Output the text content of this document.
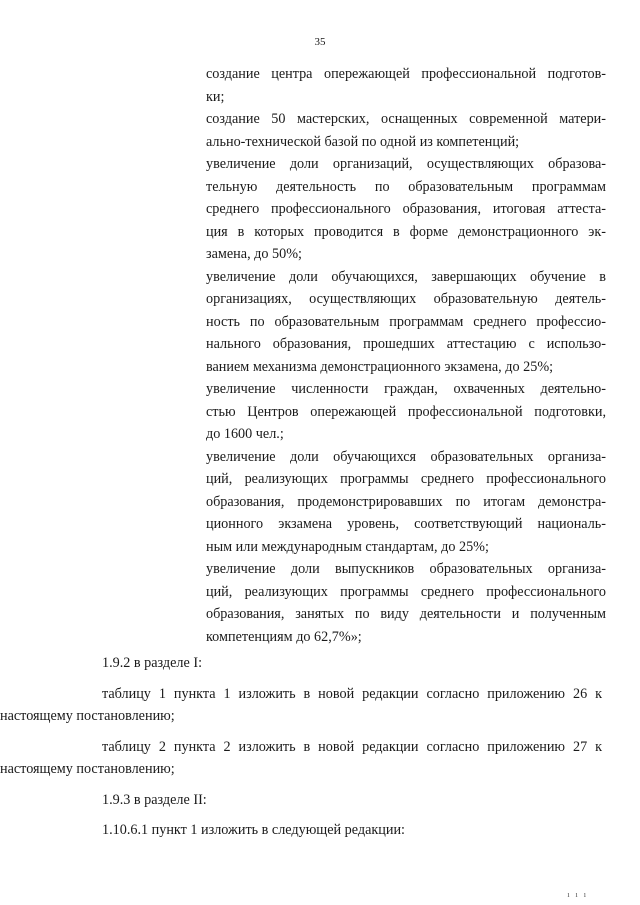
35
создание центра опережающей профессиональной подготов-
ки;
создание 50 мастерских, оснащенных современной матери-
ально-технической базой по одной из компетенций;
увеличение доли организаций, осуществляющих образова-
тельную деятельность по образовательным программам
среднего профессионального образования, итоговая аттеста-
ция в которых проводится в форме демонстрационного эк-
замена, до 50%;
увеличение доли обучающихся, завершающих обучение в
организациях, осуществляющих образовательную деятель-
ность по образовательным программам среднего профессио-
нального образования, прошедших аттестацию с использо-
ванием механизма демонстрационного экзамена, до 25%;
увеличение численности граждан, охваченных деятельно-
стью Центров опережающей профессиональной подготовки,
до 1600 чел.;
увеличение доли обучающихся образовательных организа-
ций, реализующих программы среднего профессионального
образования, продемонстрировавших по итогам демонстра-
ционного экзамена уровень, соответствующий националь-
ным или международным стандартам, до 25%;
увеличение доли выпускников образовательных организа-
ций, реализующих программы среднего профессионального
образования, занятых по виду деятельности и полученным
компетенциям до 62,7%»;
1.9.2 в разделе I:
таблицу 1 пункта 1 изложить в новой редакции согласно приложению 26 к
настоящему постановлению;
таблицу 2 пункта 2 изложить в новой редакции согласно приложению 27 к
настоящему постановлению;
1.9.3 в разделе II:
1.10.6.1 пункт 1 изложить в следующей редакции:
ı ı ı
